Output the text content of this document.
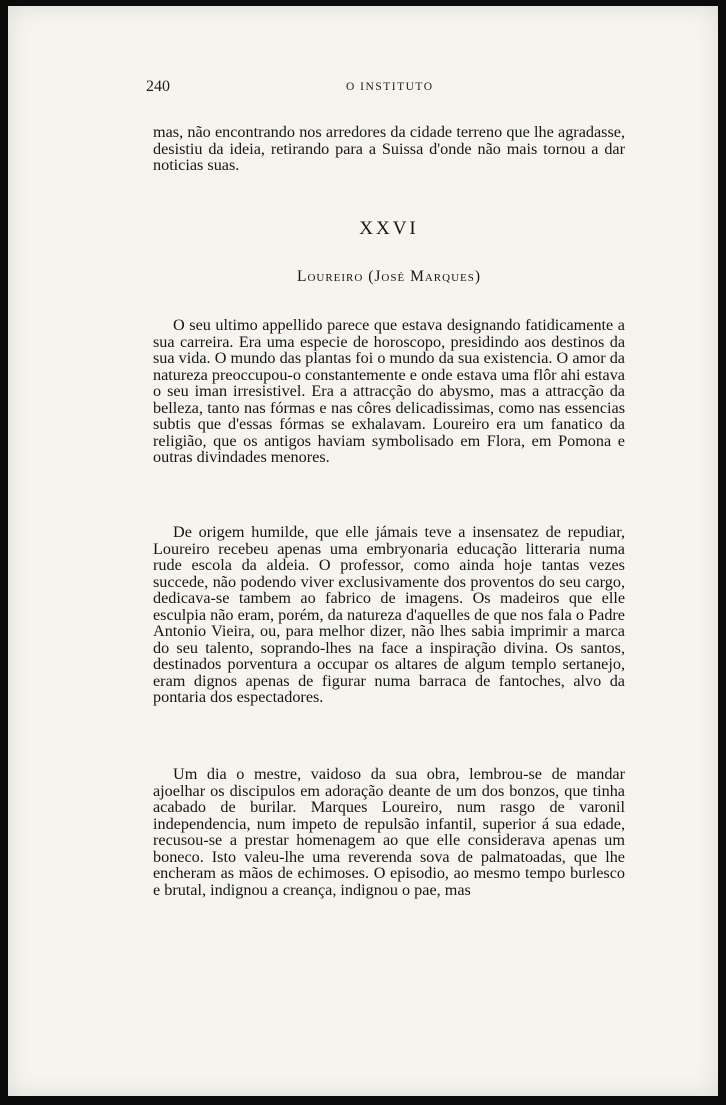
240	O INSTITUTO
mas, não encontrando nos arredores da cidade terreno que lhe agradasse, desistiu da ideia, retirando para a Suissa d'onde não mais tornou a dar noticias suas.
XXVI
Loureiro (José Marques)
O seu ultimo appellido parece que estava designando fatidicamente a sua carreira. Era uma especie de horoscopo, presidindo aos destinos da sua vida. O mundo das plantas foi o mundo da sua existencia. O amor da natureza preoccupou-o constantemente e onde estava uma flôr ahi estava o seu iman irresistivel. Era a attracção do abysmo, mas a attracção da belleza, tanto nas fórmas e nas côres delicadissimas, como nas essencias subtis que d'essas fórmas se exhalavam. Loureiro era um fanatico da religião, que os antigos haviam symbolisado em Flora, em Pomona e outras divindades menores.
De origem humilde, que elle jámais teve a insensatez de repudiar, Loureiro recebeu apenas uma embryonaria educação litteraria numa rude escola da aldeia. O professor, como ainda hoje tantas vezes succede, não podendo viver exclusivamente dos proventos do seu cargo, dedicava-se tambem ao fabrico de imagens. Os madeiros que elle esculpia não eram, porém, da natureza d'aquelles de que nos fala o Padre Antonio Vieira, ou, para melhor dizer, não lhes sabia imprimir a marca do seu talento, soprando-lhes na face a inspiração divina. Os santos, destinados porventura a occupar os altares de algum templo sertanejo, eram dignos apenas de figurar numa barraca de fantoches, alvo da pontaria dos espectadores.
Um dia o mestre, vaidoso da sua obra, lembrou-se de mandar ajoelhar os discipulos em adoração deante de um dos bonzos, que tinha acabado de burilar. Marques Loureiro, num rasgo de varonil independencia, num impeto de repulsão infantil, superior á sua edade, recusou-se a prestar homenagem ao que elle considerava apenas um boneco. Isto valeu-lhe uma reverenda sova de palmatoadas, que lhe encheram as mãos de echimoses. O episodio, ao mesmo tempo burlesco e brutal, indignou a creança, indignou o pae, mas
